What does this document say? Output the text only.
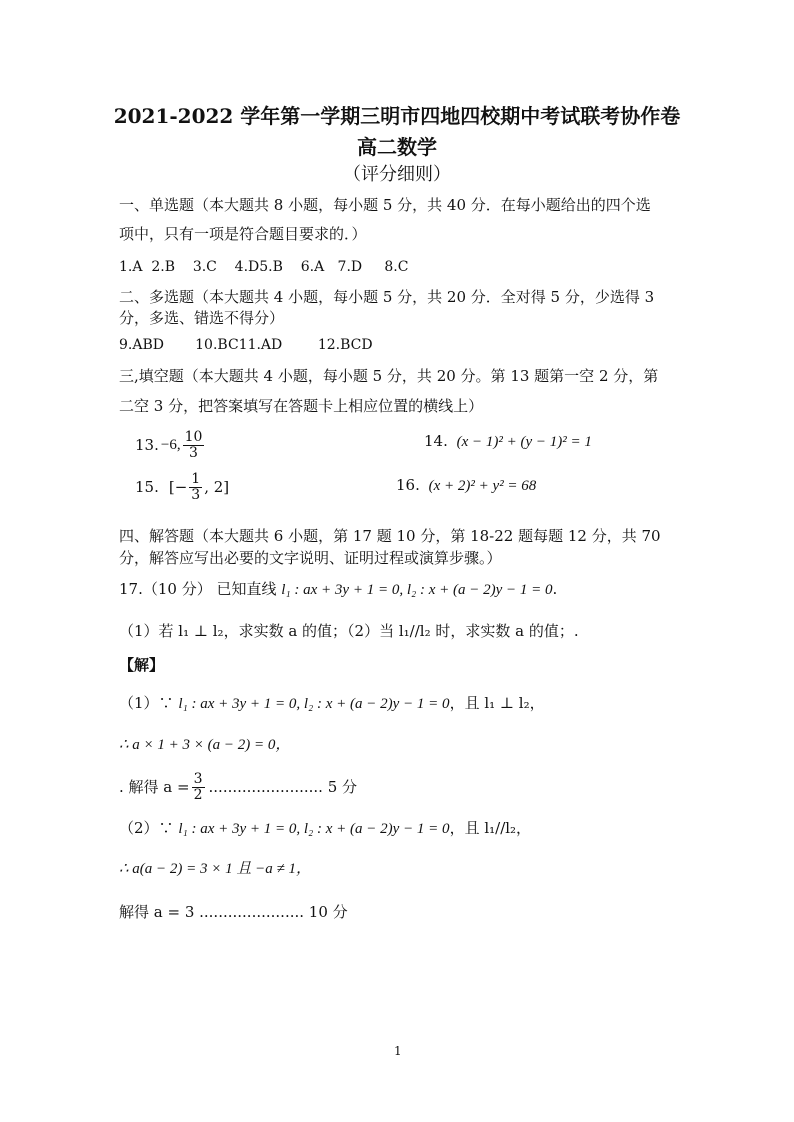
2021-2022 学年第一学期三明市四地四校期中考试联考协作卷
高二数学
（评分细则）
一、单选题（本大题共 8 小题，每小题 5 分，共 40 分．在每小题给出的四个选
项中，只有一项是符合题目要求的．）
1.A  2.B    3.C    4.D5.B    6.A   7.D     8.C
二、多选题（本大题共 4 小题，每小题 5 分，共 20 分．全对得 5 分，少选得 3
分，多选、错选不得分）
9.ABD       10.BC11.AD        12.BCD
三,填空题（本大题共 4 小题，每小题 5 分，共 20 分。第 13 题第一空 2 分，第
二空 3 分，把答案填写在答题卡上相应位置的横线上）
13. −6, $\frac{10}{3}$	14. (x − 1)² + (y − 1)² = 1
15. [− $\frac{1}{3}$ , 2]	16. (x + 2)² + y² = 68
四、解答题（本大题共 6 小题，第 17 题 10 分，第 18-22 题每题 12 分，共 70
分，解答应写出必要的文字说明、证明过程或演算步骤。）
17.（10 分） 已知直线 l₁ : ax + 3y + 1 = 0, l₂ : x + (a − 2)y − 1 = 0.
（1）若 l₁ ⊥ l₂，求实数 a 的值；（2）当 l₁//l₂ 时，求实数 a 的值；.
【解】
（1）∵ l₁ : ax + 3y + 1 = 0, l₂ : x + (a − 2)y − 1 = 0，且 l₁ ⊥ l₂，
∴ a × 1 + 3 × (a − 2) = 0，
. 解得 $a = \frac{3}{2}$ ........................ 5 分
（2）∵ l₁ : ax + 3y + 1 = 0, l₂ : x + (a − 2)y − 1 = 0，且 l₁//l₂，
∴ a(a − 2) = 3 × 1 且 −a ≠ 1，
解得 a = 3 ...................... 10 分
1
